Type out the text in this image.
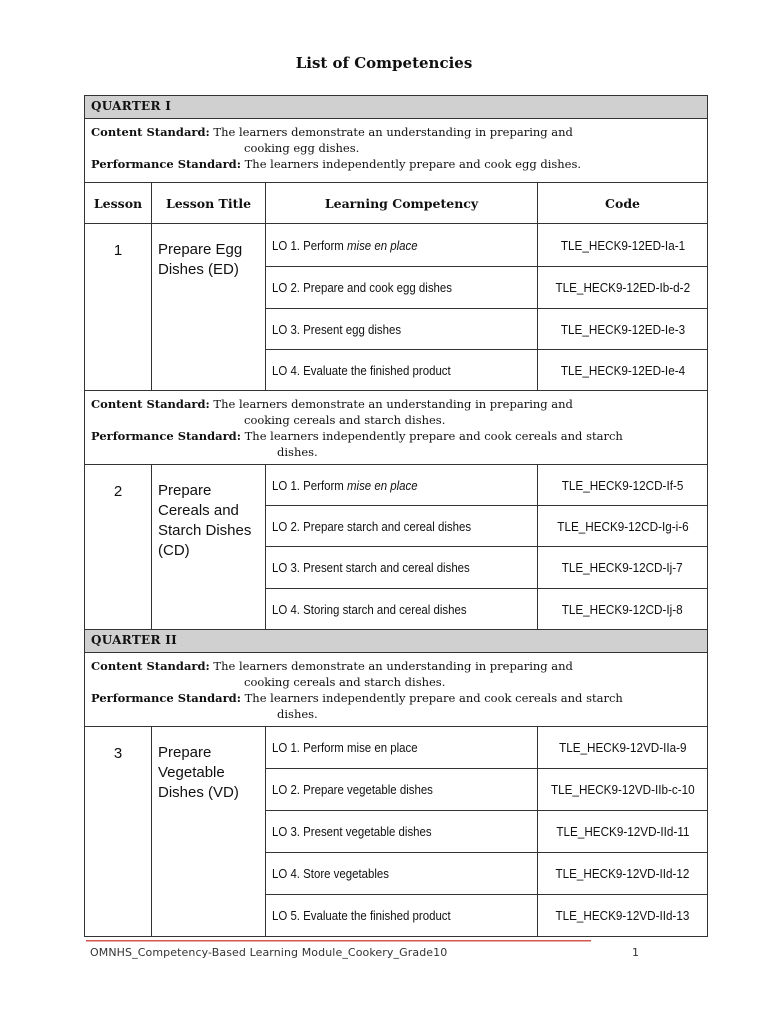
List of Competencies
QUARTER I			
Content Standard: The learners demonstrate an understanding in preparing and
cooking egg dishes.
Performance Standard: The learners independently prepare and cook egg dishes.			
Lesson	Lesson Title	Learning Competency	Code
1	Prepare Egg Dishes (ED)	LO 1. Perform mise en place	TLE_HECK9-12ED-Ia-1
		LO 2. Prepare and cook egg dishes	TLE_HECK9-12ED-Ib-d-2
		LO 3. Present egg dishes	TLE_HECK9-12ED-Ie-3
		LO 4. Evaluate the finished product	TLE_HECK9-12ED-Ie-4
Content Standard: The learners demonstrate an understanding in preparing and
cooking cereals and starch dishes.
Performance Standard: The learners independently prepare and cook cereals and starch
dishes.			

2	Prepare Cereals and Starch Dishes (CD)	LO 1. Perform mise en place	TLE_HECK9-12CD-If-5
		LO 2. Prepare starch and cereal dishes	TLE_HECK9-12CD-Ig-i-6
		LO 3. Present starch and cereal dishes	TLE_HECK9-12CD-Ij-7
		LO 4. Storing starch and cereal dishes	TLE_HECK9-12CD-Ij-8
QUARTER II			
Content Standard: The learners demonstrate an understanding in preparing and
cooking cereals and starch dishes.
Performance Standard: The learners independently prepare and cook cereals and starch
dishes.			

3	Prepare Vegetable Dishes (VD)	LO 1. Perform mise en place	TLE_HECK9-12VD-IIa-9
		LO 2. Prepare vegetable dishes	TLE_HECK9-12VD-IIb-c-10
		LO 3. Present vegetable dishes	TLE_HECK9-12VD-IId-11
		LO 4. Store vegetables	TLE_HECK9-12VD-IId-12
		LO 5. Evaluate the finished product	TLE_HECK9-12VD-IId-13
OMNHS_Competency-Based Learning Module_Cookery_Grade10	1
